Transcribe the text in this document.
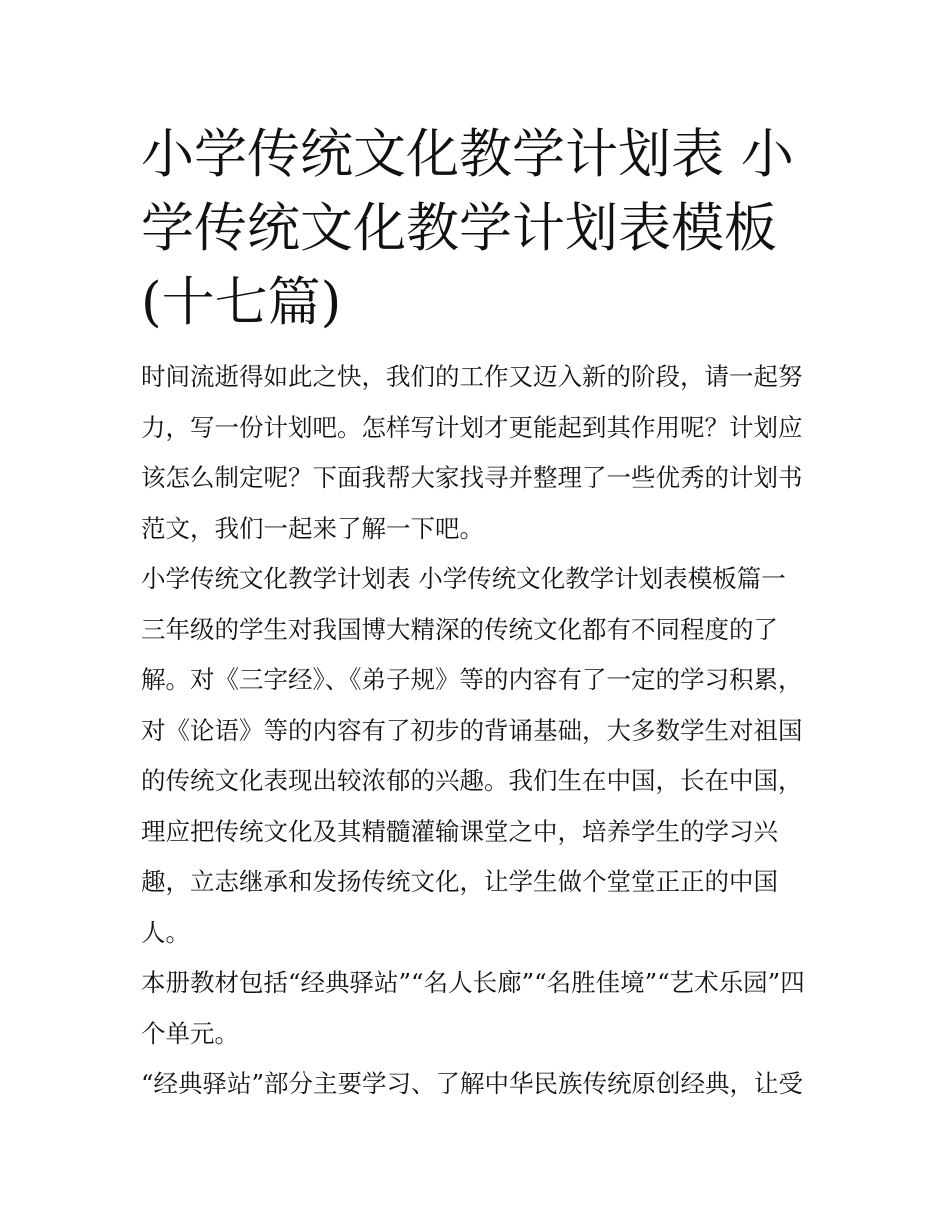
小学传统文化教学计划表 小学传统文化教学计划表模板(十七篇)

时间流逝得如此之快，我们的工作又迈入新的阶段，请一起努力，写一份计划吧。怎样写计划才更能起到其作用呢？计划应该怎么制定呢？下面我帮大家找寻并整理了一些优秀的计划书范文，我们一起来了解一下吧。

小学传统文化教学计划表 小学传统文化教学计划表模板篇一

三年级的学生对我国博大精深的传统文化都有不同程度的了解。对《三字经》、《弟子规》等的内容有了一定的学习积累，对《论语》等的内容有了初步的背诵基础，大多数学生对祖国的传统文化表现出较浓郁的兴趣。我们生在中国，长在中国，理应把传统文化及其精髓灌输课堂之中，培养学生的学习兴趣，立志继承和发扬传统文化，让学生做个堂堂正正的中国人。

本册教材包括“经典驿站”“名人长廊”“名胜佳境”“艺术乐园”四个单元。

“经典驿站”部分主要学习、了解中华民族传统原创经典，让受
